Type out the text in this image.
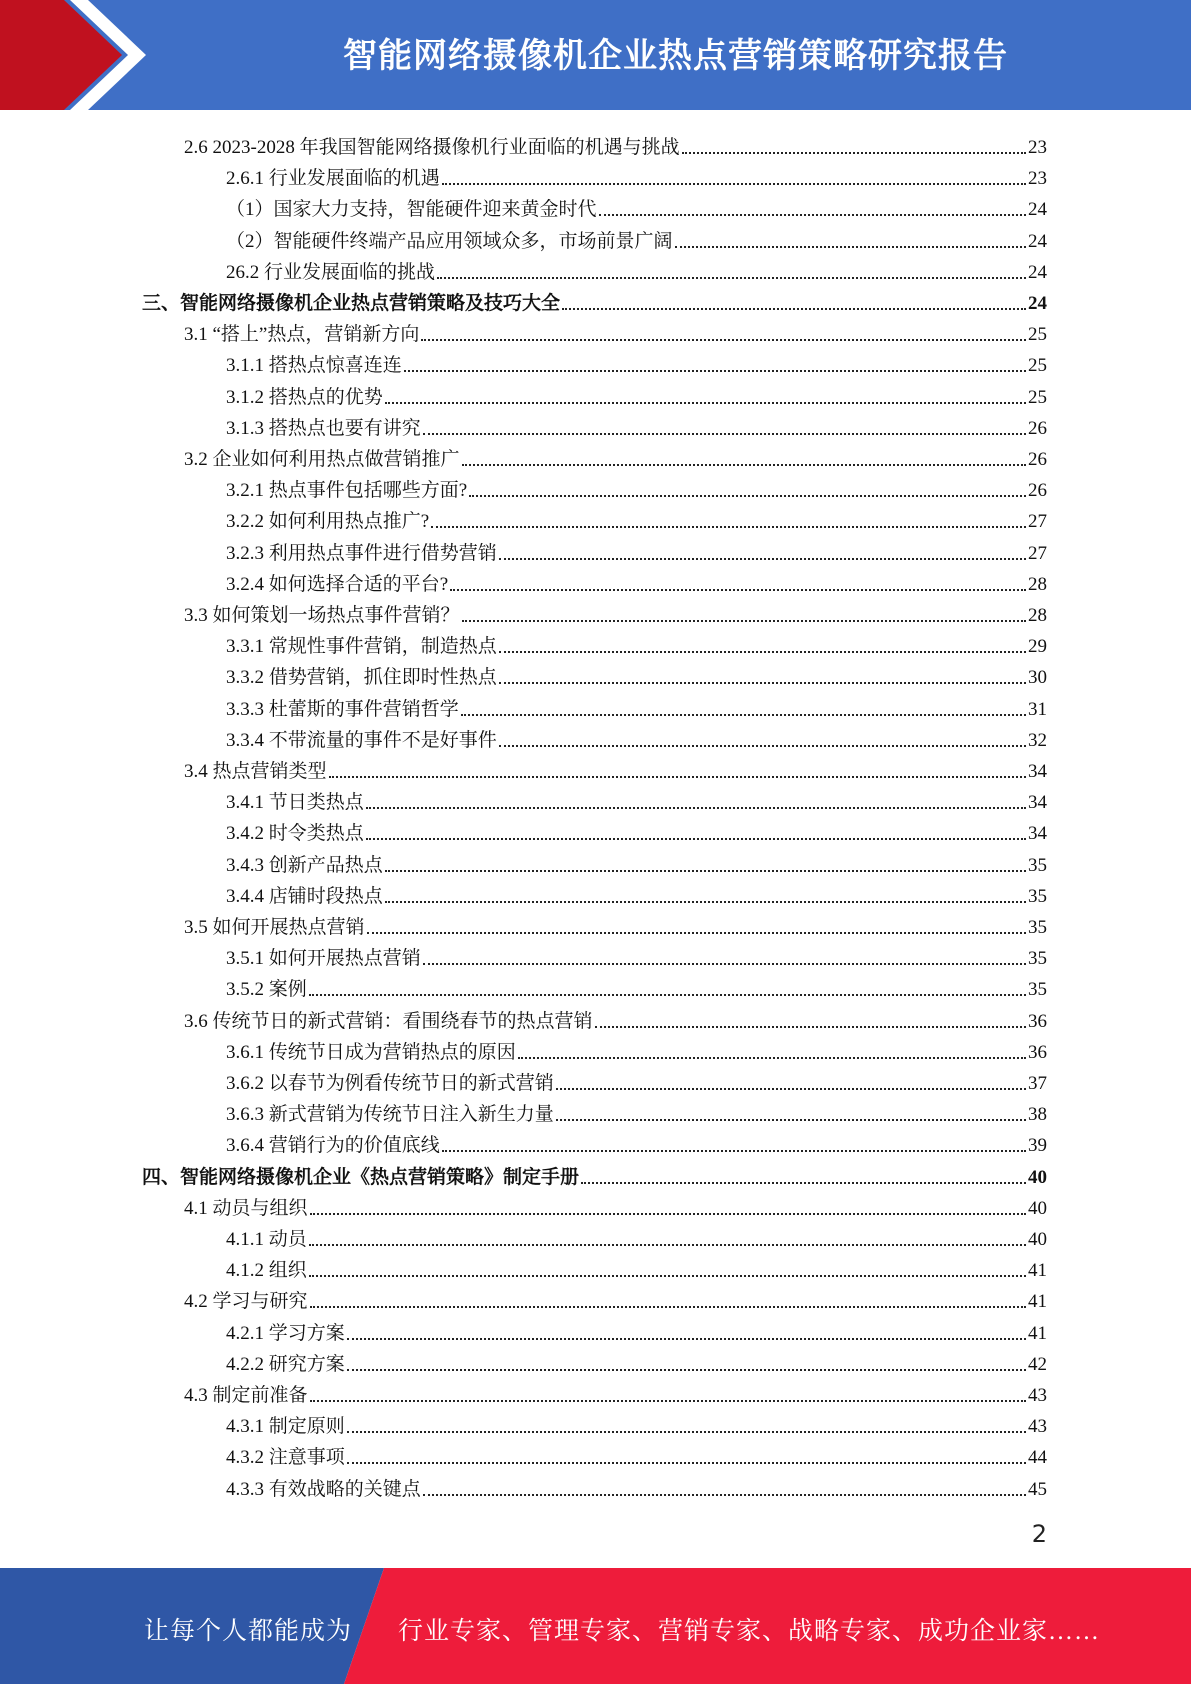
智能网络摄像机企业热点营销策略研究报告
2.6 2023-2028 年我国智能网络摄像机行业面临的机遇与挑战	23
2.6.1 行业发展面临的机遇	23
（1）国家大力支持，智能硬件迎来黄金时代	24
（2）智能硬件终端产品应用领域众多，市场前景广阔	24
26.2 行业发展面临的挑战	24
三、智能网络摄像机企业热点营销策略及技巧大全	24
3.1 “搭上”热点，营销新方向	25
3.1.1 搭热点惊喜连连	25
3.1.2 搭热点的优势	25
3.1.3 搭热点也要有讲究	26
3.2 企业如何利用热点做营销推广	26
3.2.1 热点事件包括哪些方面?	26
3.2.2 如何利用热点推广?	27
3.2.3 利用热点事件进行借势营销	27
3.2.4 如何选择合适的平台?	28
3.3 如何策划一场热点事件营销？	28
3.3.1 常规性事件营销，制造热点	29
3.3.2 借势营销，抓住即时性热点	30
3.3.3 杜蕾斯的事件营销哲学	31
3.3.4 不带流量的事件不是好事件	32
3.4 热点营销类型	34
3.4.1 节日类热点	34
3.4.2 时令类热点	34
3.4.3 创新产品热点	35
3.4.4 店铺时段热点	35
3.5 如何开展热点营销	35
3.5.1 如何开展热点营销	35
3.5.2 案例	35
3.6 传统节日的新式营销：看围绕春节的热点营销	36
3.6.1 传统节日成为营销热点的原因	36
3.6.2 以春节为例看传统节日的新式营销	37
3.6.3 新式营销为传统节日注入新生力量	38
3.6.4 营销行为的价值底线	39
四、智能网络摄像机企业《热点营销策略》制定手册	40
4.1 动员与组织	40
4.1.1 动员	40
4.1.2 组织	41
4.2 学习与研究	41
4.2.1 学习方案	41
4.2.2 研究方案	42
4.3 制定前准备	43
4.3.1 制定原则	43
4.3.2 注意事项	44
4.3.3 有效战略的关键点	45
2
让每个人都能成为 行业专家、管理专家、营销专家、战略专家、成功企业家……
